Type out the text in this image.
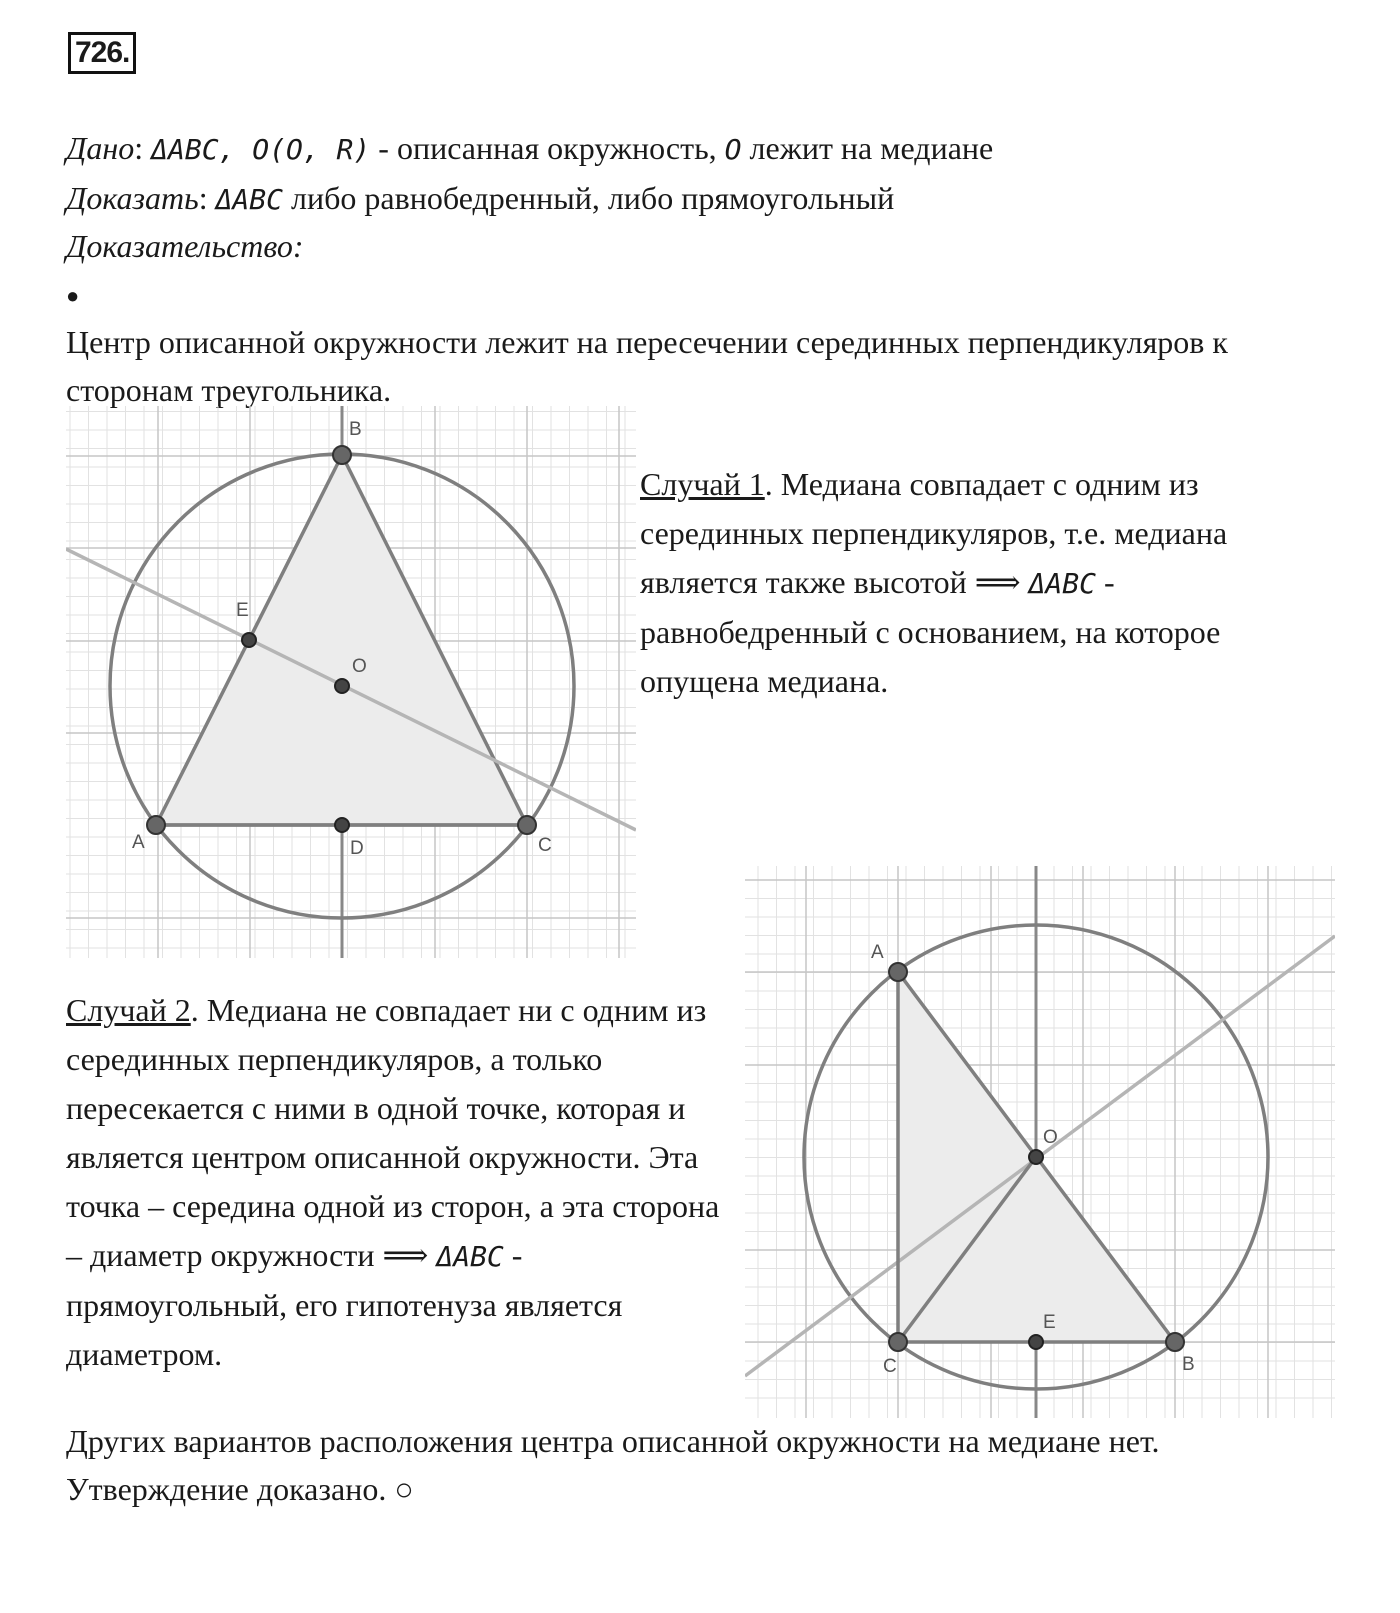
726.
Дано: ΔABC, Ο(O, R) - описанная окружность, O лежит на медиане
Доказать: ΔABC либо равнобедренный, либо прямоугольный
Доказательство:
●
Центр описанной окружности лежит на пересечении серединных перпендикуляров к
сторонам треугольника.
B
A	C
E
O
D
Случай 1. Медиана совпадает с одним из серединных перпендикуляров, т.е. медиана является также высотой ⟹ ΔABC - равнобедренный с основанием, на которое опущена медиана.
Случай 2. Медиана не совпадает ни с одним из серединных перпендикуляров, а только пересекается с ними в одной точке, которая и является центром описанной окружности. Эта точка – середина одной из сторон, а эта сторона – диаметр окружности ⟹ ΔABC - прямоугольный, его гипотенуза является диаметром.
A
C	B
O
E
Других вариантов расположения центра описанной окружности на медиане нет.
Утверждение доказано. ○
